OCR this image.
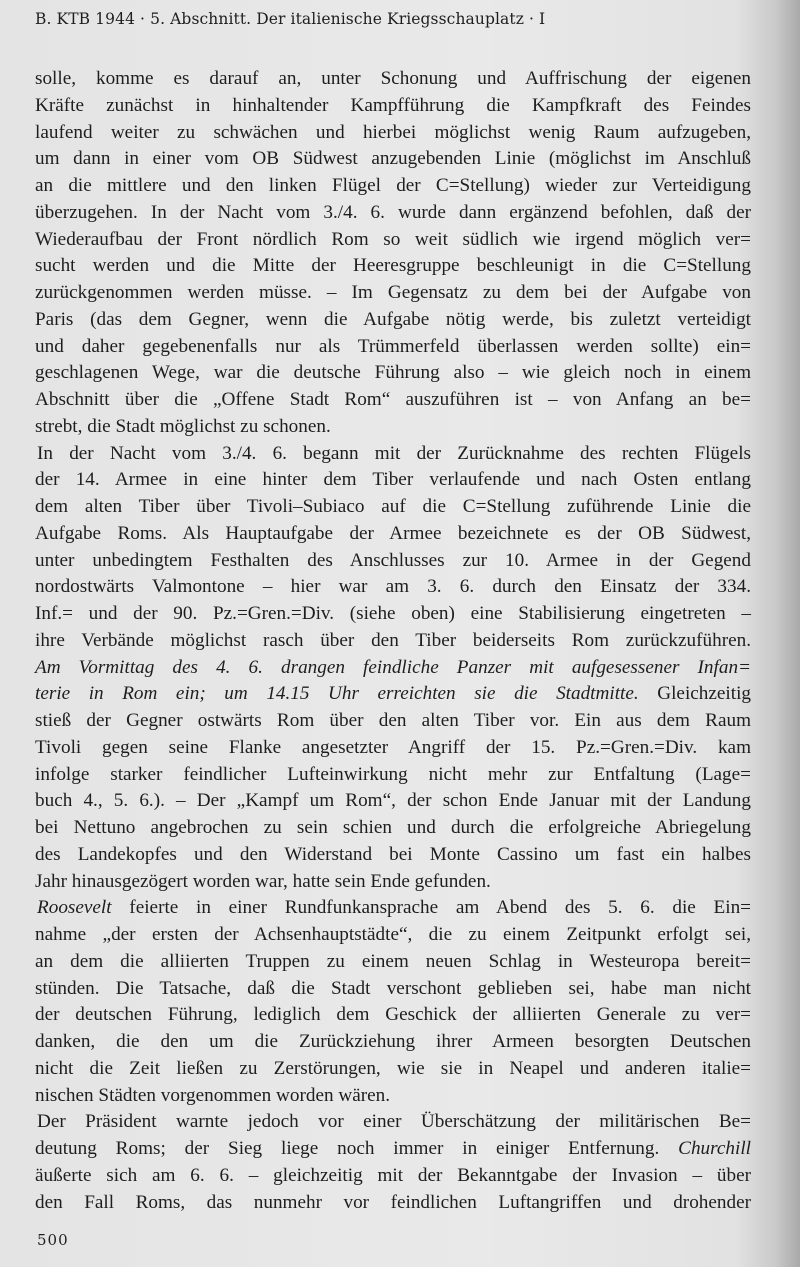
B. KTB 1944 · 5. Abschnitt. Der italienische Kriegsschauplatz · I
solle, komme es darauf an, unter Schonung und Auffrischung der eigenen
Kräfte zunächst in hinhaltender Kampfführung die Kampfkraft des Feindes
laufend weiter zu schwächen und hierbei möglichst wenig Raum aufzugeben,
um dann in einer vom OB Südwest anzugebenden Linie (möglichst im Anschluß
an die mittlere und den linken Flügel der C=Stellung) wieder zur Verteidigung
überzugehen. In der Nacht vom 3./4. 6. wurde dann ergänzend befohlen, daß der
Wiederaufbau der Front nördlich Rom so weit südlich wie irgend möglich ver=
sucht werden und die Mitte der Heeresgruppe beschleunigt in die C=Stellung
zurückgenommen werden müsse. – Im Gegensatz zu dem bei der Aufgabe von
Paris (das dem Gegner, wenn die Aufgabe nötig werde, bis zuletzt verteidigt
und daher gegebenenfalls nur als Trümmerfeld überlassen werden sollte) ein=
geschlagenen Wege, war die deutsche Führung also – wie gleich noch in einem
Abschnitt über die „Offene Stadt Rom“ auszuführen ist – von Anfang an be=
strebt, die Stadt möglichst zu schonen.
In der Nacht vom 3./4. 6. begann mit der Zurücknahme des rechten Flügels
der 14. Armee in eine hinter dem Tiber verlaufende und nach Osten entlang
dem alten Tiber über Tivoli–Subiaco auf die C=Stellung zuführende Linie die
Aufgabe Roms. Als Hauptaufgabe der Armee bezeichnete es der OB Südwest,
unter unbedingtem Festhalten des Anschlusses zur 10. Armee in der Gegend
nordostwärts Valmontone – hier war am 3. 6. durch den Einsatz der 334.
Inf.= und der 90. Pz.=Gren.=Div. (siehe oben) eine Stabilisierung eingetreten –
ihre Verbände möglichst rasch über den Tiber beiderseits Rom zurückzuführen.
Am Vormittag des 4. 6. drangen feindliche Panzer mit aufgesessener Infan=
terie in Rom ein; um 14.15 Uhr erreichten sie die Stadtmitte. Gleichzeitig
stieß der Gegner ostwärts Rom über den alten Tiber vor. Ein aus dem Raum
Tivoli gegen seine Flanke angesetzter Angriff der 15. Pz.=Gren.=Div. kam
infolge starker feindlicher Lufteinwirkung nicht mehr zur Entfaltung (Lage=
buch 4., 5. 6.). – Der „Kampf um Rom“, der schon Ende Januar mit der Landung
bei Nettuno angebrochen zu sein schien und durch die erfolgreiche Abriegelung
des Landekopfes und den Widerstand bei Monte Cassino um fast ein halbes
Jahr hinausgezögert worden war, hatte sein Ende gefunden.
Roosevelt feierte in einer Rundfunkansprache am Abend des 5. 6. die Ein=
nahme „der ersten der Achsenhauptstädte“, die zu einem Zeitpunkt erfolgt sei,
an dem die alliierten Truppen zu einem neuen Schlag in Westeuropa bereit=
stünden. Die Tatsache, daß die Stadt verschont geblieben sei, habe man nicht
der deutschen Führung, lediglich dem Geschick der alliierten Generale zu ver=
danken, die den um die Zurückziehung ihrer Armeen besorgten Deutschen
nicht die Zeit ließen zu Zerstörungen, wie sie in Neapel und anderen italie=
nischen Städten vorgenommen worden wären.
Der Präsident warnte jedoch vor einer Überschätzung der militärischen Be=
deutung Roms; der Sieg liege noch immer in einiger Entfernung. Churchill
äußerte sich am 6. 6. – gleichzeitig mit der Bekanntgabe der Invasion – über
den Fall Roms, das nunmehr vor feindlichen Luftangriffen und drohender
500
